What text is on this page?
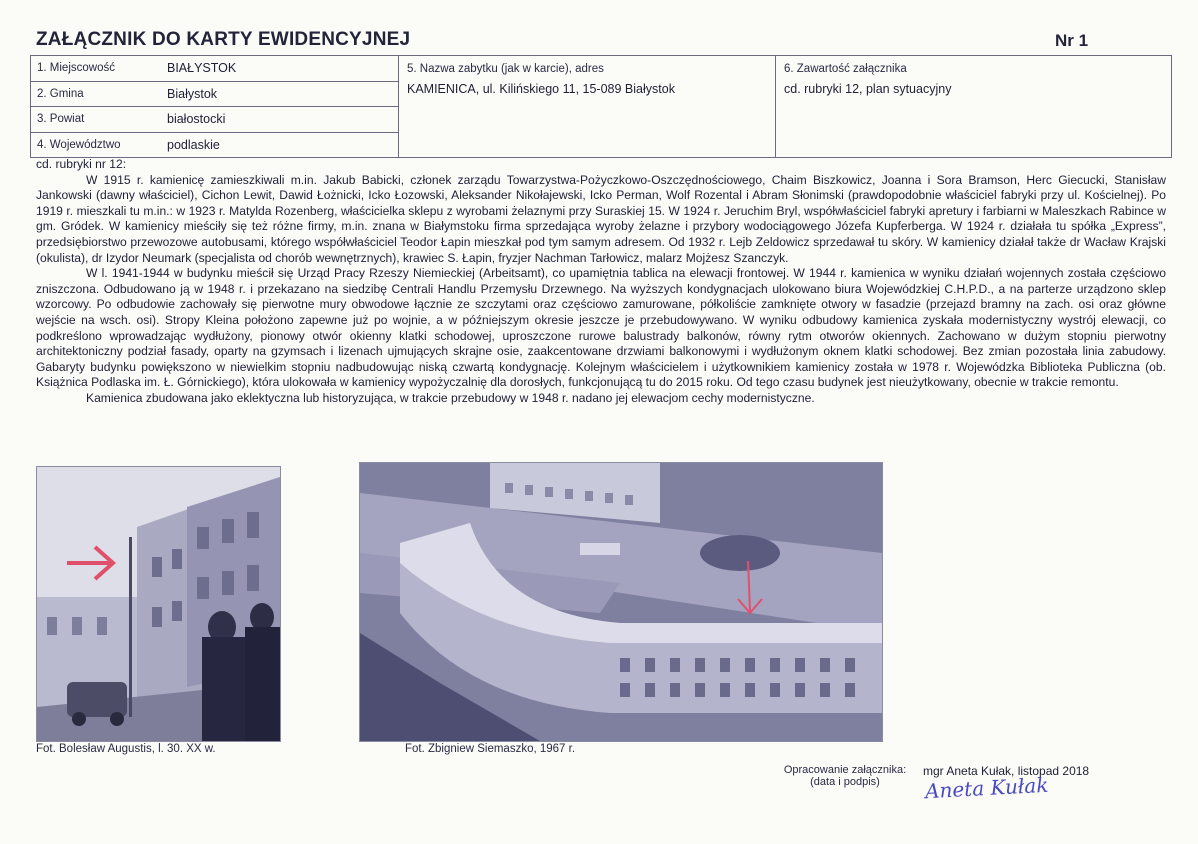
ZAŁĄCZNIK DO KARTY EWIDENCYJNEJ	Nr 1
1. Miejscowość	BIAŁYSTOK
2. Gmina	Białystok
3. Powiat	białostocki
4. Województwo	podlaskie
5. Nazwa zabytku (jak w karcie), adres
KAMIENICA, ul. Kilińskiego 11, 15-089 Białystok
6. Zawartość załącznika
cd. rubryki 12, plan sytuacyjny

cd. rubryki nr 12:

W 1915 r. kamienicę zamieszkiwali m.in. Jakub Babicki, członek zarządu Towarzystwa-Pożyczkowo-Oszczędnościowego, Chaim Biszkowicz, Joanna i Sora Bramson, Herc Giecucki, Stanisław Jankowski (dawny właściciel), Cichon Lewit, Dawid Łożnicki, Icko Łozowski, Aleksander Nikołajewski, Icko Perman, Wolf Rozental i Abram Słonimski (prawdopodobnie właściciel fabryki przy ul. Kościelnej). Po 1919 r. mieszkali tu m.in.: w 1923 r. Matylda Rozenberg, właścicielka sklepu z wyrobami żelaznymi przy Suraskiej 15. W 1924 r. Jeruchim Bryl, współwłaściciel fabryki apretury i farbiarni w Maleszkach Rabince w gm. Gródek. W kamienicy mieściły się też różne firmy, m.in. znana w Białymstoku firma sprzedająca wyroby żelazne i przybory wodociągowego Józefa Kupferberga. W 1924 r. działała tu spółka „Express”, przedsiębiorstwo przewozowe autobusami, którego współwłaściciel Teodor Łapin mieszkał pod tym samym adresem. Od 1932 r. Lejb Zeldowicz sprzedawał tu skóry. W kamienicy działał także dr Wacław Krajski (okulista), dr Izydor Neumark (specjalista od chorób wewnętrznych), krawiec S. Łapin, fryzjer Nachman Tarłowicz, malarz Mojżesz Szanczyk.

W l. 1941-1944 w budynku mieścił się Urząd Pracy Rzeszy Niemieckiej (Arbeitsamt), co upamiętnia tablica na elewacji frontowej. W 1944 r. kamienica w wyniku działań wojennych została częściowo zniszczona. Odbudowano ją w 1948 r. i przekazano na siedzibę Centrali Handlu Przemysłu Drzewnego. Na wyższych kondygnacjach ulokowano biura Wojewódzkiej C.H.P.D., a na parterze urządzono sklep wzorcowy. Po odbudowie zachowały się pierwotne mury obwodowe łącznie ze szczytami oraz częściowo zamurowane, półkoliście zamknięte otwory w fasadzie (przejazd bramny na zach. osi oraz główne wejście na wsch. osi). Stropy Kleina położono zapewne już po wojnie, a w późniejszym okresie jeszcze je przebudowywano. W wyniku odbudowy kamienica zyskała modernistyczny wystrój elewacji, co podkreślono wprowadzając wydłużony, pionowy otwór okienny klatki schodowej, uproszczone rurowe balustrady balkonów, równy rytm otworów okiennych. Zachowano w dużym stopniu pierwotny architektoniczny podział fasady, oparty na gzymsach i lizenach ujmujących skrajne osie, zaakcentowane drzwiami balkonowymi i wydłużonym oknem klatki schodowej. Bez zmian pozostała linia zabudowy. Gabaryty budynku powiększono w niewielkim stopniu nadbudowując niską czwartą kondygnację. Kolejnym właścicielem i użytkownikiem kamienicy została w 1978 r. Wojewódzka Biblioteka Publiczna (ob. Książnica Podlaska im. Ł. Górnickiego), która ulokowała w kamienicy wypożyczalnię dla dorosłych, funkcjonującą tu do 2015 roku. Od tego czasu budynek jest nieużytkowany, obecnie w trakcie remontu.

Kamienica zbudowana jako eklektyczna lub historyzująca, w trakcie przebudowy w 1948 r. nadano jej elewacjom cechy modernistyczne.

Fot. Bolesław Augustis, l. 30. XX w.	Fot. Zbigniew Siemaszko, 1967 r.
Opracowanie załącznika:
(data i podpis)
mgr Aneta Kułak, listopad 2018
Aneta Kułak
